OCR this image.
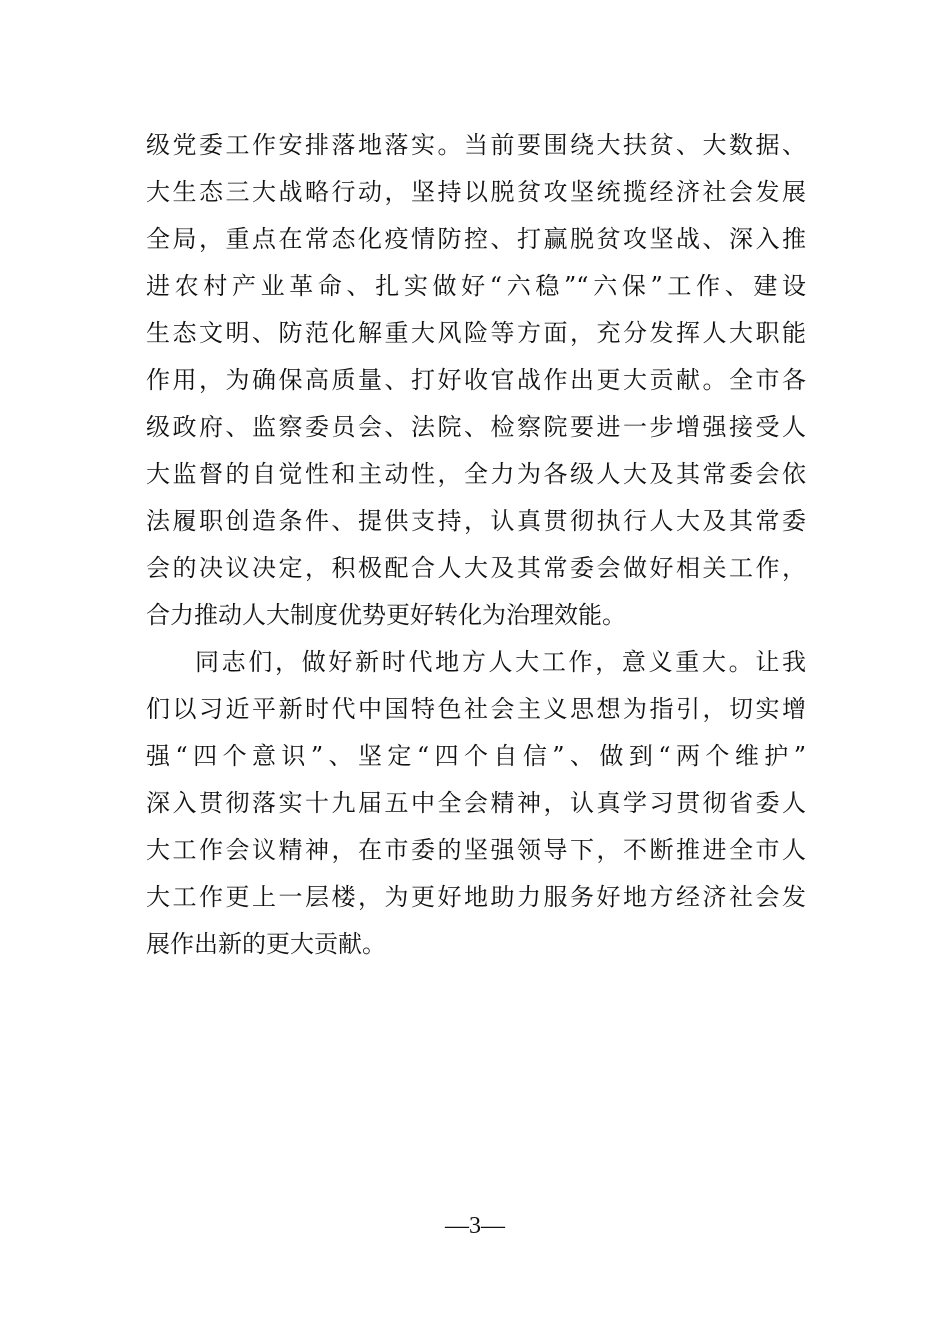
级党委工作安排落地落实。当前要围绕大扶贫、大数据、
大生态三大战略行动，坚持以脱贫攻坚统揽经济社会发展
全局，重点在常态化疫情防控、打赢脱贫攻坚战、深入推
进农村产业革命、扎实做好“六稳”“六保”工作、建设
生态文明、防范化解重大风险等方面，充分发挥人大职能
作用，为确保高质量、打好收官战作出更大贡献。全市各
级政府、监察委员会、法院、检察院要进一步增强接受人
大监督的自觉性和主动性，全力为各级人大及其常委会依
法履职创造条件、提供支持，认真贯彻执行人大及其常委
会的决议决定，积极配合人大及其常委会做好相关工作，
合力推动人大制度优势更好转化为治理效能。
同志们，做好新时代地方人大工作，意义重大。让我
们以习近平新时代中国特色社会主义思想为指引，切实增
强“四个意识”、坚定“四个自信”、做到“两个维护”
深入贯彻落实十九届五中全会精神，认真学习贯彻省委人
大工作会议精神，在市委的坚强领导下，不断推进全市人
大工作更上一层楼，为更好地助力服务好地方经济社会发
展作出新的更大贡献。
—3—
